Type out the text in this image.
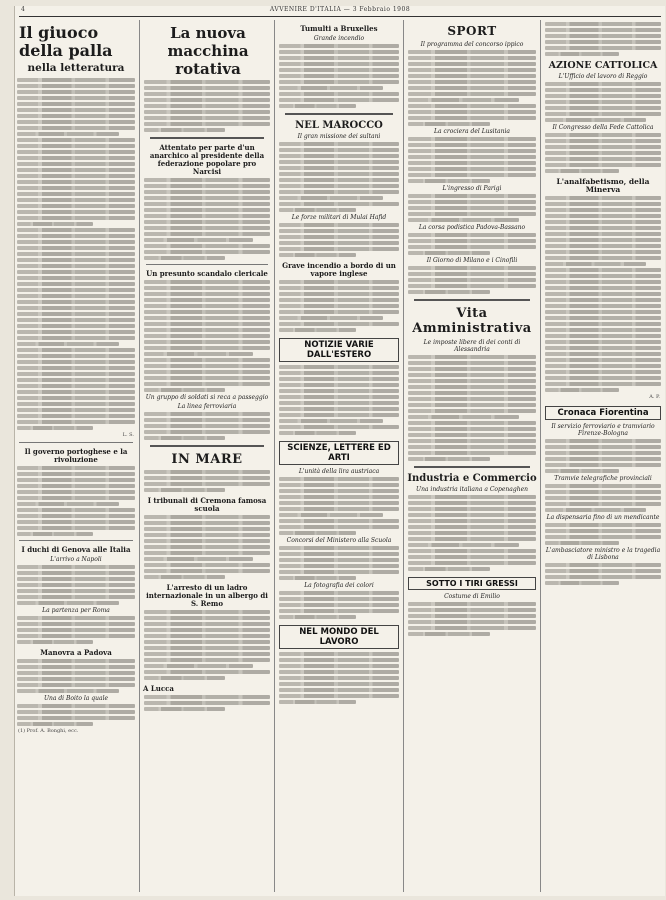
4	AVVENIRE D'ITALIA — 3 Febbraio 1908
Il giuoco della palla
nella letteratura
L. S.
Il governo portoghese e la rivoluzione
I duchi di Genova alle Italia
L'arrivo a Napoli
La partenza per Roma
Manovra a Padova
Una di Boito la quale
(1) Prof. A. Bonghi, ecc.
La nuova macchina rotativa
Attentato per parte d'un anarchico al presidente della federazione popolare pro Narcisi
Un presunto scandalo clericale
Un gruppo di soldati si reca a passeggio
La linea ferroviaria
IN MARE
I tribunali di Cremona famosa scuola
L'arresto di un ladro internazionale in un albergo di S. Remo
A Lucca
Tumulti a Bruxelles
Grande incendio
NEL MAROCCO
Il gran missione dei sultani
Le forze militari di Mulai Hafid
Grave incendio a bordo di un vapore inglese
NOTIZIE VARIE DALL'ESTERO
SCIENZE, LETTERE ED ARTI
L'unità della lira austriaca
Concorsi del Ministero alla Scuola
La fotografia dei colori
NEL MONDO DEL LAVORO
SPORT
Il programma del concorso ippico
La crociera del Lusitania
L'ingresso di Parigi
La corsa podistica Padova-Bassano
Il Giorno di Milano e i Cinofili
Vita Amministrativa
Le imposte libere di dei conti di Alessandria
Industria e Commercio
Una industria italiana a Copenaghen
SOTTO I TIRI GRESSI
Costume di Emilio
AZIONE CATTOLICA
L'Ufficio del lavoro di Reggio
Il Congresso della Fede Cattolica
L'analfabetismo, della Minerva
A. P.
Cronaca Fiorentina
Il servizio ferroviario e tramviario Firenze-Bologna
Tramvie telegrafiche provinciali
La dispensaria fino di un mendicante
L'ambasciatore ministro e la tragedia di Lisbona
